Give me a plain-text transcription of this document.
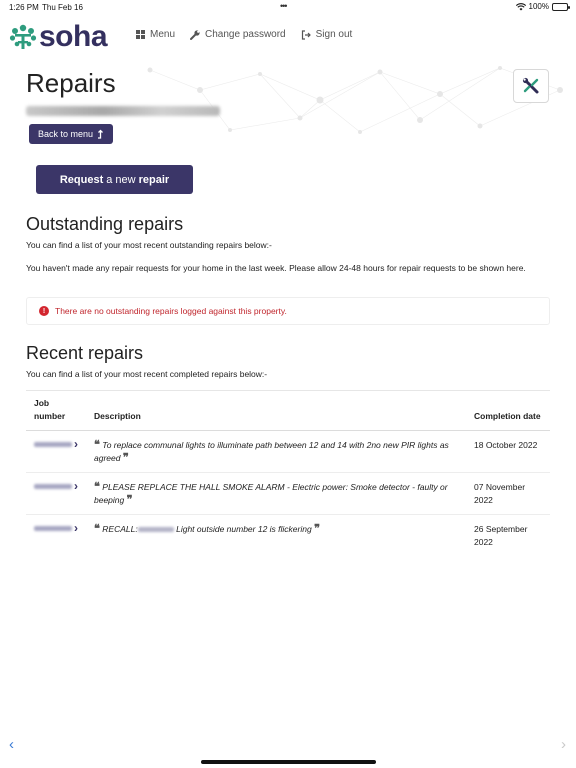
1:26 PM Thu Feb 16	•••	100%
soha	Menu	Change password	Sign out
Repairs
Back to menu
Request a new repair
Outstanding repairs

You can find a list of your most recent outstanding repairs below:-

You haven't made any repair requests for your home in the last week. Please allow 24-48 hours for repair requests to be shown here.

!	There are no outstanding repairs logged against this property.
Recent repairs

You can find a list of your most recent completed repairs below:-

Job number	Description	Completion date

›	❝ To replace communal lights to illuminate path between 12 and 14 with 2no new PIR lights as agreed ❞	18 October 2022

›	❝ PLEASE REPLACE THE HALL SMOKE ALARM - Electric power: Smoke detector - faulty or beeping ❞	07 November 2022

›	❝ RECALL: Light outside number 12 is flickering ❞	26 September 2022
‹	›
